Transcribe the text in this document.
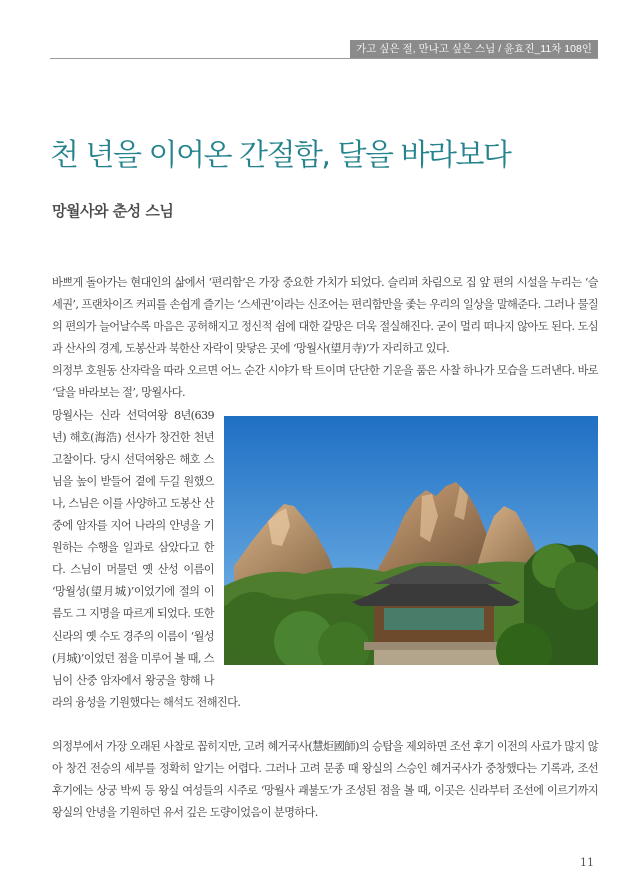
가고 싶은 절, 만나고 싶은 스님 / 윤효진_11차 108인
천 년을 이어온 간절함, 달을 바라보다
망월사와 춘성 스님

바쁘게 돌아가는 현대인의 삶에서 ‘편리함’은 가장 중요한 가치가 되었다. 슬리퍼 차림으로 집 앞 편의 시설을 누리는 ‘슬세권’, 프랜차이즈 커피를 손쉽게 즐기는 ‘스세권’이라는 신조어는 편리함만을 좇는 우리의 일상을 말해준다. 그러나 물질의 편의가 늘어날수록 마음은 공허해지고 정신적 쉼에 대한 갈망은 더욱 절실해진다. 굳이 멀리 떠나지 않아도 된다. 도심과 산사의 경계, 도봉산과 북한산 자락이 맞닿은 곳에 ‘망월사(望月寺)’가 자리하고 있다.

의정부 호원동 산자락을 따라 오르면 어느 순간 시야가 탁 트이며 단단한 기운을 품은 사찰 하나가 모습을 드러낸다. 바로 ‘달을 바라보는 절’, 망월사다.

망월사는 신라 선덕여왕 8년(639년) 해호(海浩) 선사가 창건한 천년 고찰이다. 당시 선덕여왕은 해호 스님을 높이 받들어 곁에 두길 원했으나, 스님은 이를 사양하고 도봉산 산중에 암자를 지어 나라의 안녕을 기원하는 수행을 일과로 삼았다고 한다. 스님이 머물던 옛 산성 이름이 ‘망월성(望月城)’이었기에 절의 이름도 그 지명을 따르게 되었다. 또한 신라의 옛 수도 경주의 이름이 ‘월성(月城)’이었던 점을 미루어 볼 때, 스님이 산중 암자에서 왕궁을 향해 나라의 융성을 기원했다는 해석도 전해진다.

의정부에서 가장 오래된 사찰로 꼽히지만, 고려 혜거국사(慧炬國師)의 승탑을 제외하면 조선 후기 이전의 사료가 많지 않아 창건 전승의 세부를 정확히 알기는 어렵다. 그러나 고려 문종 때 왕실의 스승인 혜거국사가 중창했다는 기록과, 조선 후기에는 상궁 박씨 등 왕실 여성들의 시주로 ‘망월사 괘불도’가 조성된 점을 볼 때, 이곳은 신라부터 조선에 이르기까지 왕실의 안녕을 기원하던 유서 깊은 도량이었음이 분명하다.

11
